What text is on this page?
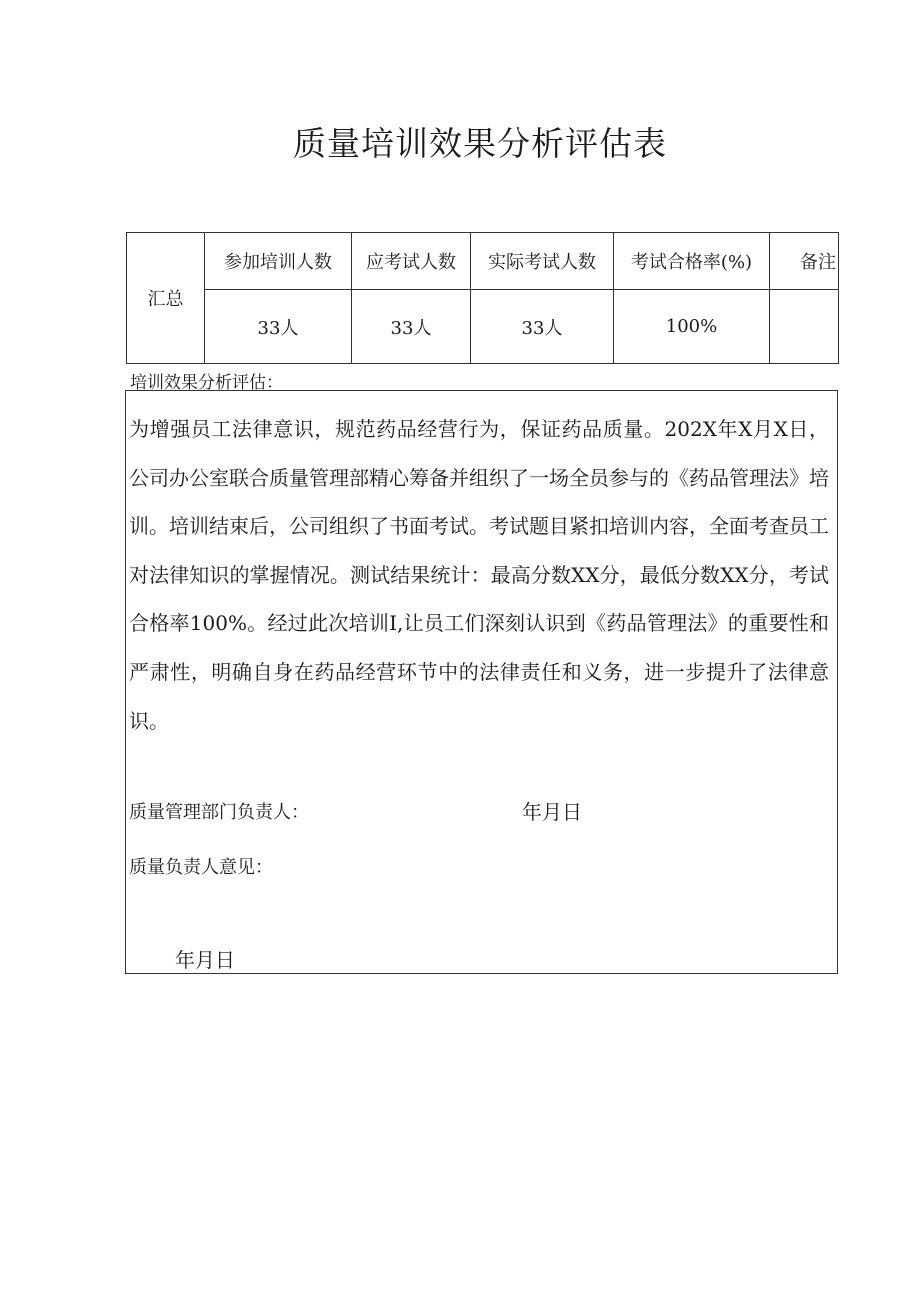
质量培训效果分析评估表
汇总	参加培训人数	应考试人数	实际考试人数	考试合格率(%)	备注
	33人	33人	33人	100%	
培训效果分析评估：

为增强员工法律意识，规范药品经营行为，保证药品质量。202X年X月X日，公司办公室联合质量管理部精心筹备并组织了一场全员参与的《药品管理法》培训。培训结束后，公司组织了书面考试。考试题目紧扣培训内容，全面考查员工对法律知识的掌握情况。测试结果统计：最高分数XX分，最低分数XX分，考试合格率100%。经过此次培训I,让员工们深刻认识到《药品管理法》的重要性和严肃性，明确自身在药品经营环节中的法律责任和义务，进一步提升了法律意识。

质量管理部门负责人：	年月日
质量负责人意见：
年月日
